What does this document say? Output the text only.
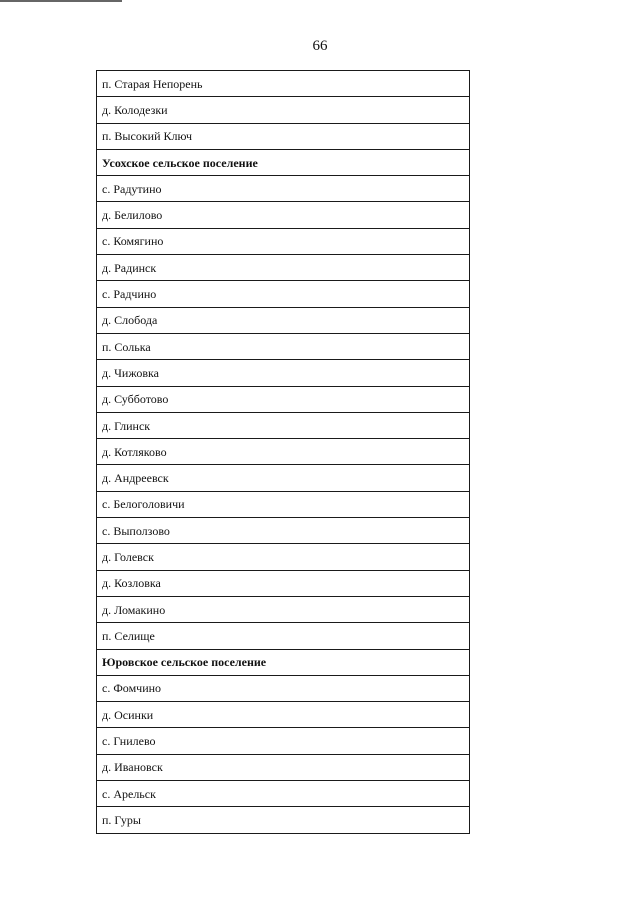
66
п. Старая Непорень
д. Колодезки
п. Высокий Ключ
Усохское сельское поселение
с. Радутино
д. Белилово
с. Комягино
д. Радинск
с. Радчино
д. Слобода
п. Солька
д. Чижовка
д. Субботово
д. Глинск
д. Котляково
д. Андреевск
с. Белоголовичи
с. Выползово
д. Голевск
д. Козловка
д. Ломакино
п. Селище
Юровское сельское поселение
с. Фомчино
д. Осинки
с. Гнилево
д. Ивановск
с. Арельск
п. Гуры
